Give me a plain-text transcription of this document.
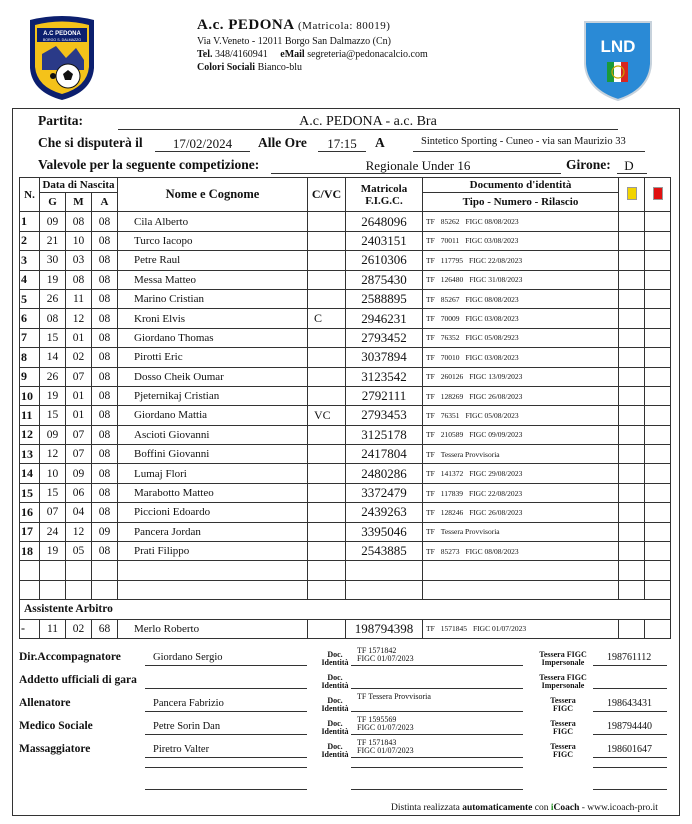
A.C PEDONA
BORGO S. DALMAZZO
A.c. PEDONA (Matricola: 80019)
Via V.Veneto - 12011 Borgo San Dalmazzo (Cn)
Tel. 348/4160941 eMail segreteria@pedonacalcio.com
Colori Sociali Bianco-blu
LND
Partita:	A.c. PEDONA - a.c. Bra
Che si disputerà il	17/02/2024	Alle Ore	17:15	A	Sintetico Sporting - Cuneo - via san Maurizio 33
Valevole per la seguente competizione:	Regionale Under 16	Girone:	D
N.	Data di Nascita			Nome e Cognome	C/VC	Matricola
F.I.G.C.	Documento d'identità		
	G	M	A				Tipo - Numero - Rilascio		
1	09	08	08	Cila Alberto		2648096	TF 85262 FIGC 08/08/2023		
2	21	10	08	Turco Iacopo		2403151	TF 70011 FIGC 03/08/2023		
3	30	03	08	Petre Raul		2610306	TF 117795 FIGC 22/08/2023		
4	19	08	08	Messa Matteo		2875430	TF 126480 FIGC 31/08/2023		
5	26	11	08	Marino Cristian		2588895	TF 85267 FIGC 08/08/2023		
6	08	12	08	Kroni Elvis	C	2946231	TF 70009 FIGC 03/08/2023		
7	15	01	08	Giordano Thomas		2793452	TF 76352 FIGC 05/08/2923		
8	14	02	08	Pirotti Eric		3037894	TF 70010 FIGC 03/08/2023		
9	26	07	08	Dosso Cheik Oumar		3123542	TF 260126 FIGC 13/09/2023		
10	19	01	08	Pjeternikaj Cristian		2792111	TF 128269 FIGC 26/08/2023		
11	15	01	08	Giordano Mattia	VC	2793453	TF 76351 FIGC 05/08/2023		
12	09	07	08	Ascioti Giovanni		3125178	TF 210589 FIGC 09/09/2023		
13	12	07	08	Boffini Giovanni		2417804	TF Tessera Provvisoria		
14	10	09	08	Lumaj Flori		2480286	TF 141372 FIGC 29/08/2023		
15	15	06	08	Marabotto Matteo		3372479	TF 117839 FIGC 22/08/2023		
16	07	04	08	Piccioni Edoardo		2439263	TF 128246 FIGC 26/08/2023		
17	24	12	09	Pancera Jordan		3395046	TF Tessera Provvisoria		
18	19	05	08	Prati Filippo		2543885	TF 85273 FIGC 08/08/2023		

Assistente Arbitro									
-	11	02	68	Merlo Roberto		198794398	TF 1571845 FIGC 01/07/2023		
Dir.Accompagnatore	Giordano Sergio	Doc.
Identità
TF 1571842
FIGC 01/07/2023	Tessera FIGC
Impersonale	198761112
Addetto ufficiali di gara	Doc.
Identità
Tessera FIGC
Impersonale
Allenatore	Pancera Fabrizio	Doc.
Identità
TF Tessera Provvisoria	Tessera
FIGC	198643431
Medico Sociale	Petre Sorin Dan	Doc.
Identità
TF 1595569
FIGC 01/07/2023	Tessera
FIGC	198794440
Massaggiatore	Piretro Valter	Doc.
Identità
TF 1571843
FIGC 01/07/2023	Tessera
FIGC	198601647
Distinta realizzata automaticamente con iCoach - www.icoach-pro.it
